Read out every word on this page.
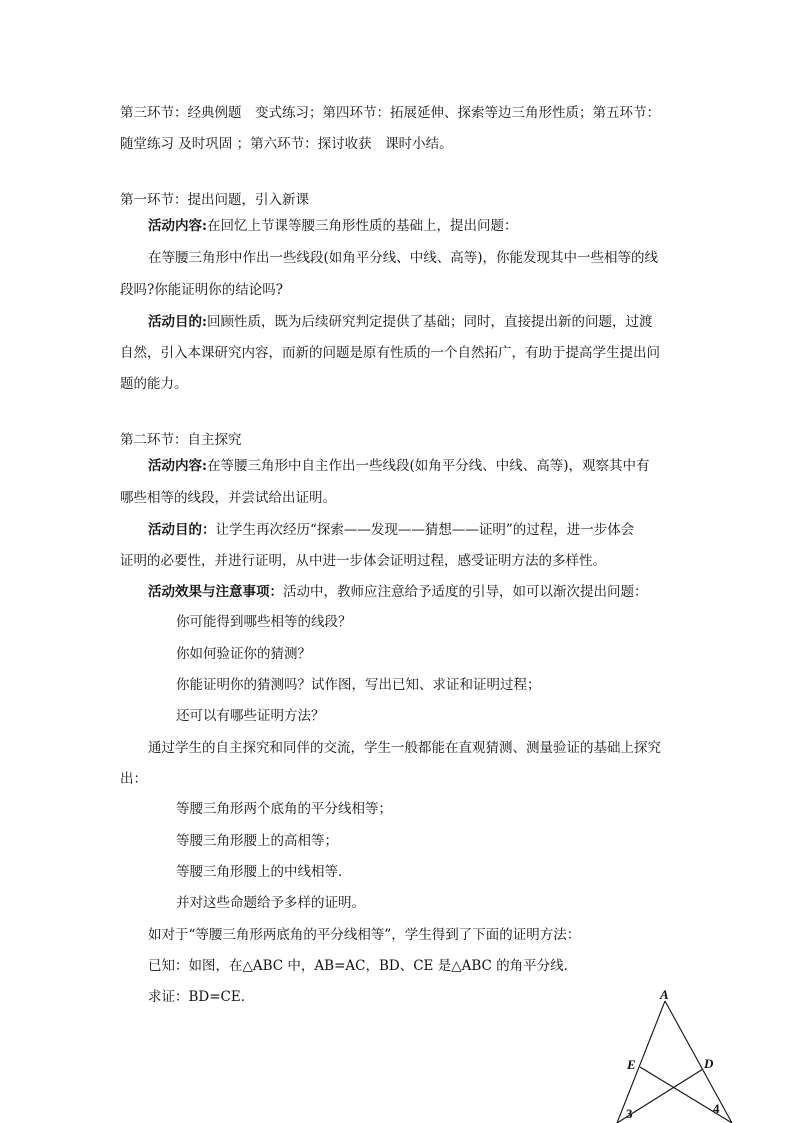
第三环节：经典例题　变式练习；第四环节：拓展延伸、探索等边三角形性质；第五环节：
随堂练习 及时巩固 ；第六环节：探讨收获　课时小结。
第一环节：提出问题，引入新课
活动内容:在回忆上节课等腰三角形性质的基础上，提出问题：
在等腰三角形中作出一些线段(如角平分线、中线、高等)，你能发现其中一些相等的线
段吗?你能证明你的结论吗?
活动目的:回顾性质，既为后续研究判定提供了基础；同时，直接提出新的问题，过渡
自然，引入本课研究内容，而新的问题是原有性质的一个自然拓广，有助于提高学生提出问
题的能力。
第二环节：自主探究
活动内容:在等腰三角形中自主作出一些线段(如角平分线、中线、高等)，观察其中有
哪些相等的线段，并尝试给出证明。
活动目的：让学生再次经历“探索——发现——猜想——证明”的过程，进一步体会
证明的必要性，并进行证明，从中进一步体会证明过程，感受证明方法的多样性。
活动效果与注意事项：活动中，教师应注意给予适度的引导，如可以渐次提出问题：
你可能得到哪些相等的线段？
你如何验证你的猜测？
你能证明你的猜测吗？试作图，写出已知、求证和证明过程；
还可以有哪些证明方法？
通过学生的自主探究和同伴的交流，学生一般都能在直观猜测、测量验证的基础上探究
出：
等腰三角形两个底角的平分线相等；
等腰三角形腰上的高相等；
等腰三角形腰上的中线相等．
并对这些命题给予多样的证明。
如对于“等腰三角形两底角的平分线相等”，学生得到了下面的证明方法：
已知：如图，在△ABC 中，AB=AC，BD、CE 是△ABC 的角平分线．
求证：BD=CE．	A
E	D
3	4
